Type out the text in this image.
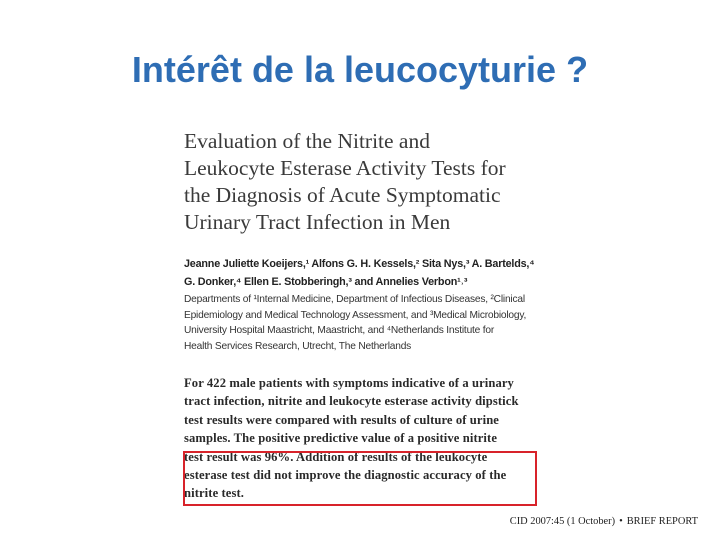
Intérêt de la leucocyturie ?
Evaluation of the Nitrite and
Leukocyte Esterase Activity Tests for
the Diagnosis of Acute Symptomatic
Urinary Tract Infection in Men
Jeanne Juliette Koeijers,¹ Alfons G. H. Kessels,² Sita Nys,³ A. Bartelds,⁴
G. Donker,⁴ Ellen E. Stobberingh,³ and Annelies Verbon¹˒³
Departments of ¹Internal Medicine, Department of Infectious Diseases, ²Clinical
Epidemiology and Medical Technology Assessment, and ³Medical Microbiology,
University Hospital Maastricht, Maastricht, and ⁴Netherlands Institute for
Health Services Research, Utrecht, The Netherlands
For 422 male patients with symptoms indicative of a urinary
tract infection, nitrite and leukocyte esterase activity dipstick
test results were compared with results of culture of urine
samples. The positive predictive value of a positive nitrite
test result was 96%. Addition of results of the leukocyte
esterase test did not improve the diagnostic accuracy of the
nitrite test.
CID 2007:45 (1 October) • BRIEF REPORT
